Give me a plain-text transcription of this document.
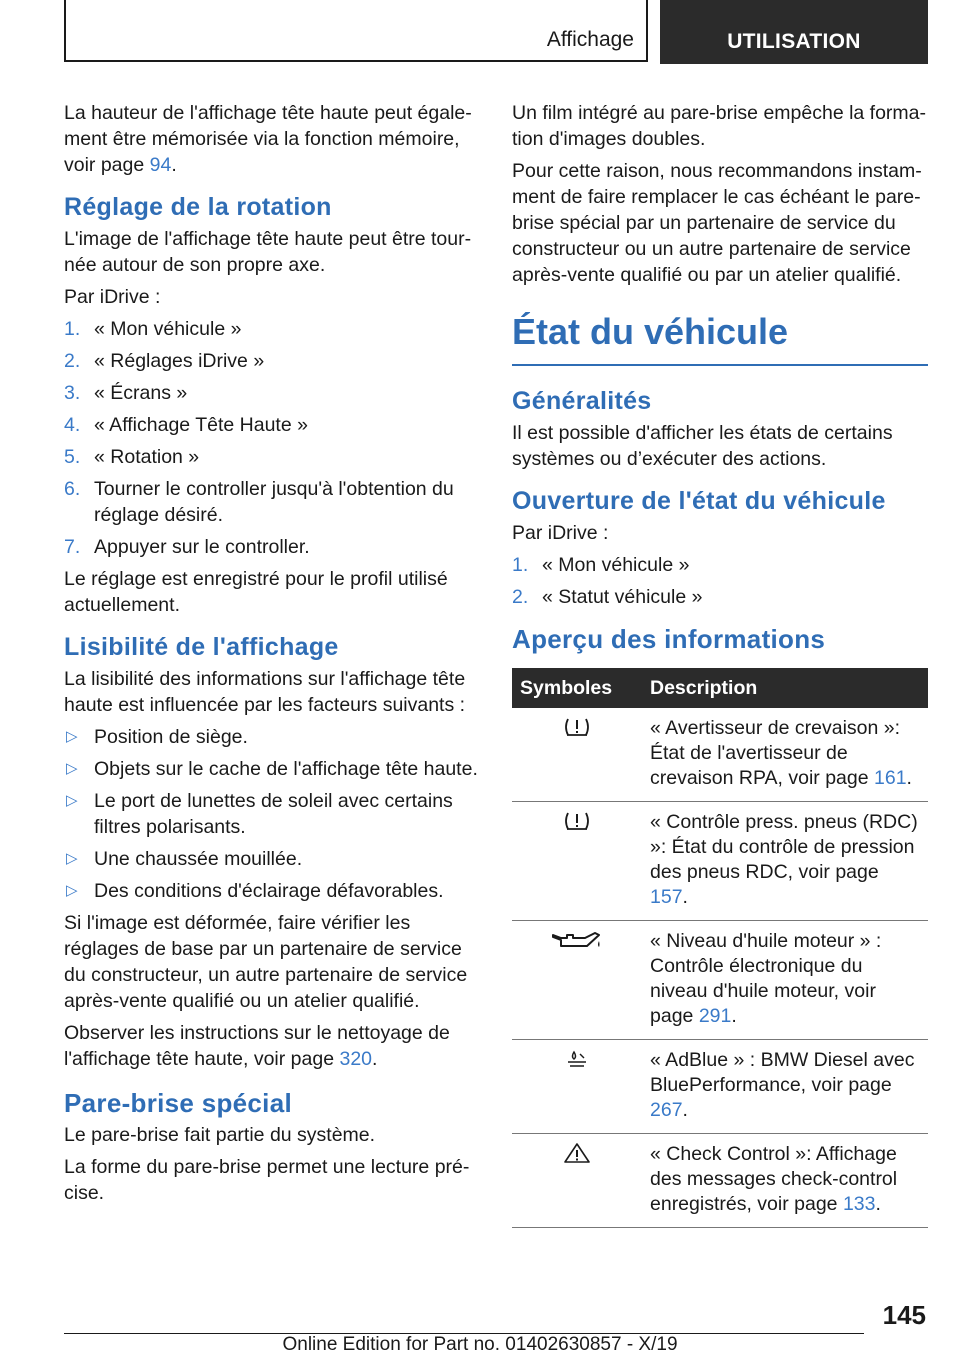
Affichage	UTILISATION

La hauteur de l'affichage tête haute peut également être mémorisée via la fonction mémoire, voir page 94.

Réglage de la rotation

L'image de l'affichage tête haute peut être tournée autour de son propre axe.

Par iDrive :

1. « Mon véhicule »
2. « Réglages iDrive »
3. « Écrans »
4. « Affichage Tête Haute »
5. « Rotation »
6. Tourner le controller jusqu'à l'obtention du réglage désiré.
7. Appuyer sur le controller.

Le réglage est enregistré pour le profil utilisé actuellement.

Lisibilité de l'affichage

La lisibilité des informations sur l'affichage tête haute est influencée par les facteurs suivants :

▷ Position de siège.
▷ Objets sur le cache de l'affichage tête haute.
▷ Le port de lunettes de soleil avec certains filtres polarisants.
▷ Une chaussée mouillée.
▷ Des conditions d'éclairage défavorables.

Si l'image est déformée, faire vérifier les réglages de base par un partenaire de service du constructeur, un autre partenaire de service après-vente qualifié ou un atelier qualifié.

Observer les instructions sur le nettoyage de l'affichage tête haute, voir page 320.

Pare-brise spécial

Le pare-brise fait partie du système.

La forme du pare-brise permet une lecture précise.

Un film intégré au pare-brise empêche la formation d'images doubles.

Pour cette raison, nous recommandons instamment de faire remplacer le cas échéant le pare-brise spécial par un partenaire de service du constructeur ou un autre partenaire de service après-vente qualifié ou par un atelier qualifié.

État du véhicule
Généralités

Il est possible d'afficher les états de certains systèmes ou d’exécuter des actions.

Ouverture de l'état du véhicule

Par iDrive :

1. « Mon véhicule »
2. « Statut véhicule »
Aperçu des informations
Symboles	Description
	« Avertisseur de crevaison »: État de l'avertisseur de crevaison RPA, voir page 161.
	« Contrôle press. pneus (RDC) »: État du contrôle de pression des pneus RDC, voir page 157.
	« Niveau d'huile moteur » : Contrôle électronique du niveau d'huile moteur, voir page 291.
	« AdBlue » : BMW Diesel avec BluePerformance, voir page 267.
	« Check Control »: Affichage des messages check-control enregistrés, voir page 133.
145
Online Edition for Part no. 01402630857 - X/19
